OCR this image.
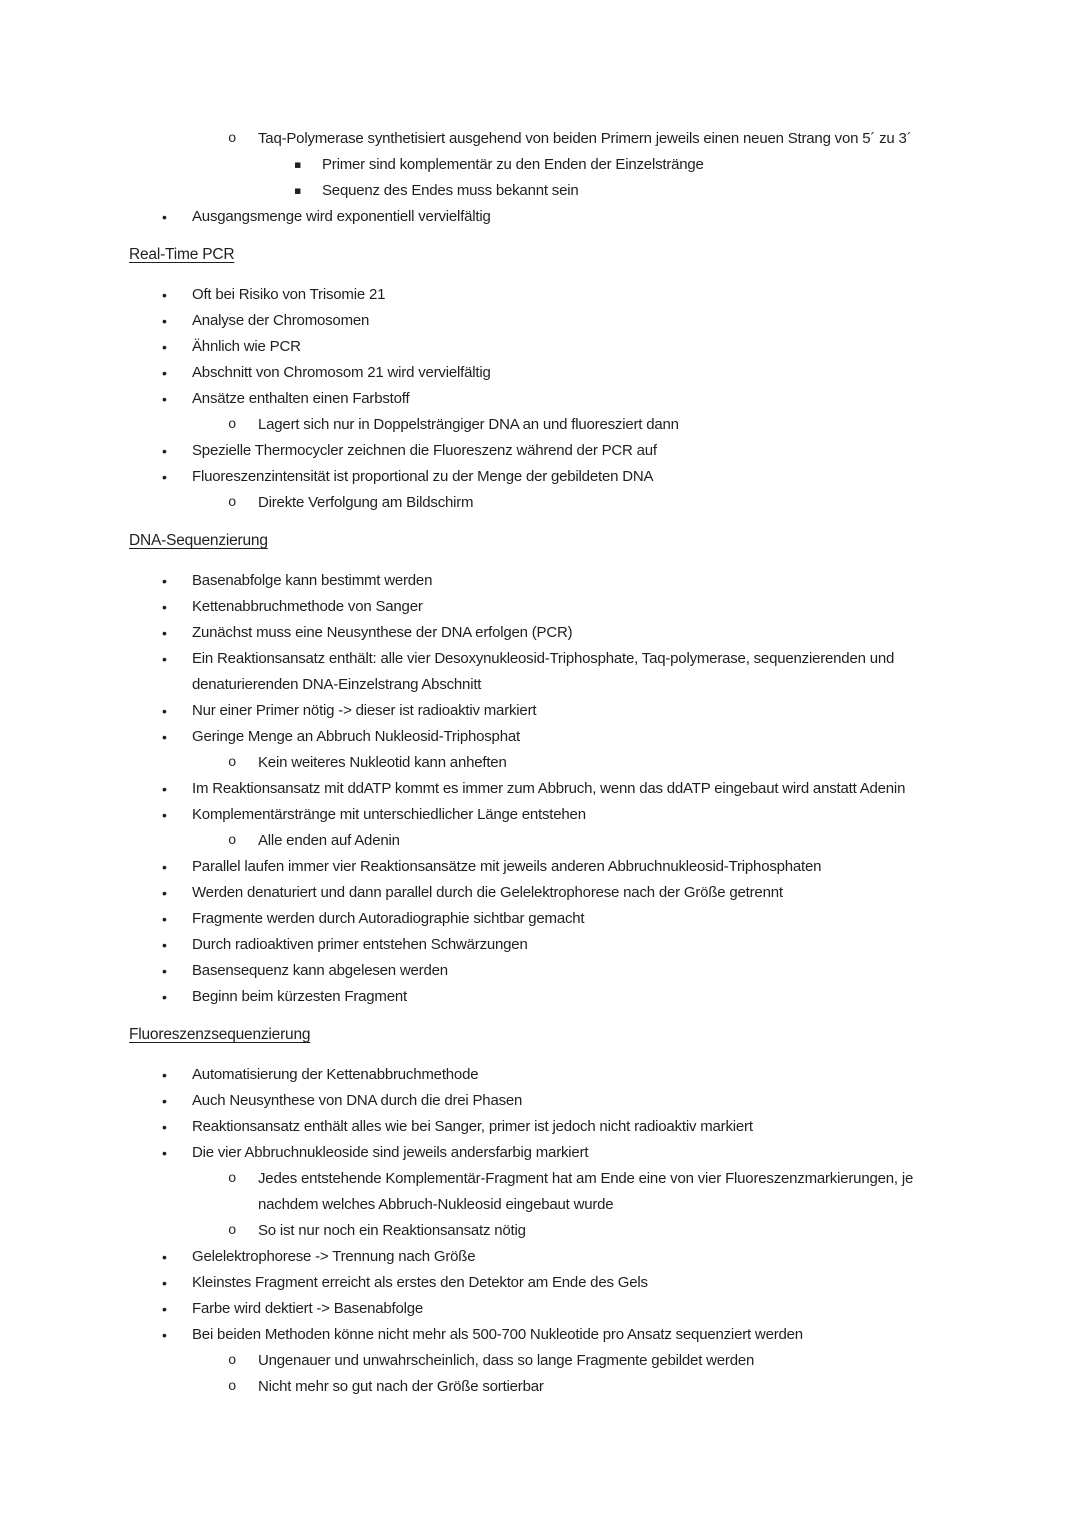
o Taq-Polymerase synthetisiert ausgehend von beiden Primern jeweils einen neuen Strang von 5´ zu 3´
▪ Primer sind komplementär zu den Enden der Einzelstränge
▪ Sequenz des Endes muss bekannt sein
• Ausgangsmenge wird exponentiell vervielfältig
Real-Time PCR
• Oft bei Risiko von Trisomie 21
• Analyse der Chromosomen
• Ähnlich wie PCR
• Abschnitt von Chromosom 21 wird vervielfältig
• Ansätze enthalten einen Farbstoff
o Lagert sich nur in Doppelsträngiger DNA an und fluoresziert dann
• Spezielle Thermocycler zeichnen die Fluoreszenz während der PCR auf
• Fluoreszenzintensität ist proportional zu der Menge der gebildeten DNA
o Direkte Verfolgung am Bildschirm
DNA-Sequenzierung
• Basenabfolge kann bestimmt werden
• Kettenabbruchmethode von Sanger
• Zunächst muss eine Neusynthese der DNA erfolgen (PCR)
• Ein Reaktionsansatz enthält: alle vier Desoxynukleosid-Triphosphate, Taq-polymerase, sequenzierenden und denaturierenden DNA-Einzelstrang Abschnitt
• Nur einer Primer nötig -> dieser ist radioaktiv markiert
• Geringe Menge an Abbruch Nukleosid-Triphosphat
o Kein weiteres Nukleotid kann anheften
• Im Reaktionsansatz mit ddATP kommt es immer zum Abbruch, wenn das ddATP eingebaut wird anstatt Adenin
• Komplementärstränge mit unterschiedlicher Länge entstehen
o Alle enden auf Adenin
• Parallel laufen immer vier Reaktionsansätze mit jeweils anderen Abbruchnukleosid-Triphosphaten
• Werden denaturiert und dann parallel durch die Gelelektrophorese nach der Größe getrennt
• Fragmente werden durch Autoradiographie sichtbar gemacht
• Durch radioaktiven primer entstehen Schwärzungen
• Basensequenz kann abgelesen werden
• Beginn beim kürzesten Fragment
Fluoreszenzsequenzierung
• Automatisierung der Kettenabbruchmethode
• Auch Neusynthese von DNA durch die drei Phasen
• Reaktionsansatz enthält alles wie bei Sanger, primer ist jedoch nicht radioaktiv markiert
• Die vier Abbruchnukleoside sind jeweils andersfarbig markiert
o Jedes entstehende Komplementär-Fragment hat am Ende eine von vier Fluoreszenzmarkierungen, je nachdem welches Abbruch-Nukleosid eingebaut wurde
o So ist nur noch ein Reaktionsansatz nötig
• Gelelektrophorese -> Trennung nach Größe
• Kleinstes Fragment erreicht als erstes den Detektor am Ende des Gels
• Farbe wird dektiert -> Basenabfolge
• Bei beiden Methoden könne nicht mehr als 500-700 Nukleotide pro Ansatz sequenziert werden
o Ungenauer und unwahrscheinlich, dass so lange Fragmente gebildet werden
o Nicht mehr so gut nach der Größe sortierbar
